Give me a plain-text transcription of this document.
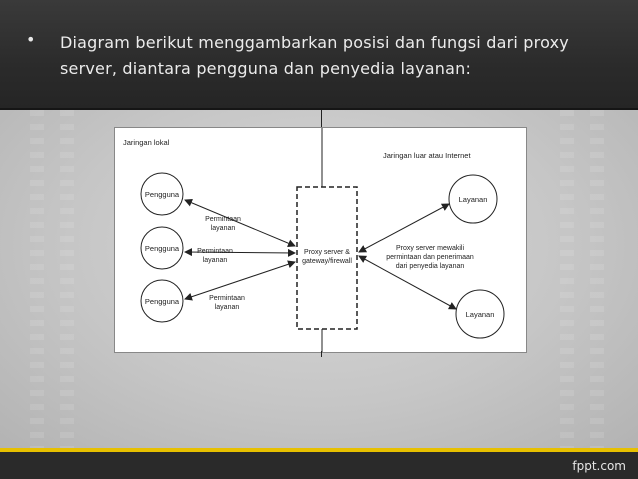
• Diagram berikut menggambarkan posisi dan fungsi dari proxy server, diantara pengguna dan penyedia layanan:
Jaringan lokal
Jaringan luar atau Internet
Pengguna
Pengguna
Pengguna
Proxy server &
gateway/firewall
Permintaan
layanan
Permintaan
layanan
Permintaan
layanan
Layanan
Layanan
Proxy server mewakili
permintaan dan penerimaan
dari penyedia layanan
fppt.com
